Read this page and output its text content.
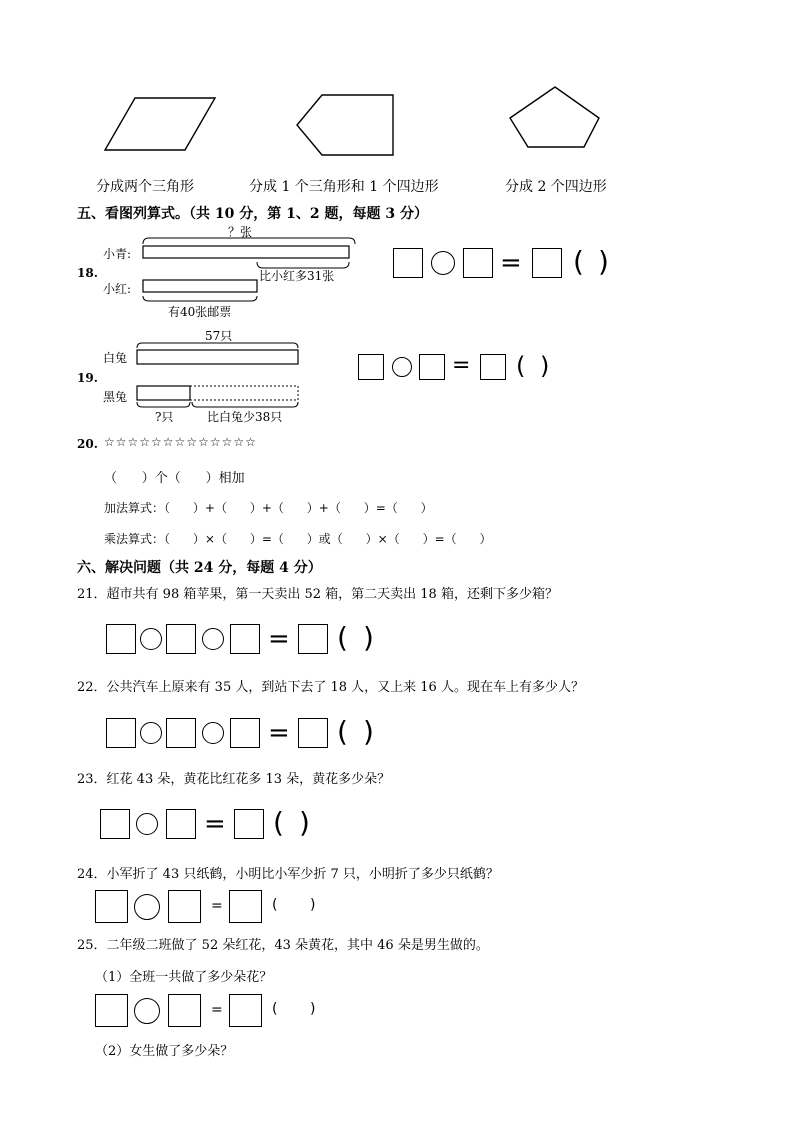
分成两个三角形	分成 1 个三角形和 1 个四边形	分成 2 个四边形
五、看图列算式。（共 10 分，第 1、2 题，每题 3 分）
18.
？张
小青:
小红:
比小红多31张
有40张邮票
= ( )
19.
57只
白兔
黑兔
?只	比白兔少38只
= ( )
20. ☆☆☆☆☆☆☆☆☆☆☆☆☆
（      ）个（      ）相加
加法算式：（      ）+（      ）+（      ）+（      ）=（      ）
乘法算式：（      ）×（      ）=（      ）或（      ）×（      ）=（      ）
六、解决问题（共 24 分，每题 4 分）
21．超市共有 98 箱苹果，第一天卖出 52 箱，第二天卖出 18 箱，还剩下多少箱？
= ( )
22．公共汽车上原来有 35 人，到站下去了 18 人，又上来 16 人。现在车上有多少人？
= ( )
23．红花 43 朵，黄花比红花多 13 朵，黄花多少朵？
= ( )
24．小军折了 43 只纸鹤，小明比小军少折 7 只，小明折了多少只纸鹤？
=	( )
25．二年级二班做了 52 朵红花，43 朵黄花，其中 46 朵是男生做的。
（1）全班一共做了多少朵花？
=	( )
（2）女生做了多少朵？
